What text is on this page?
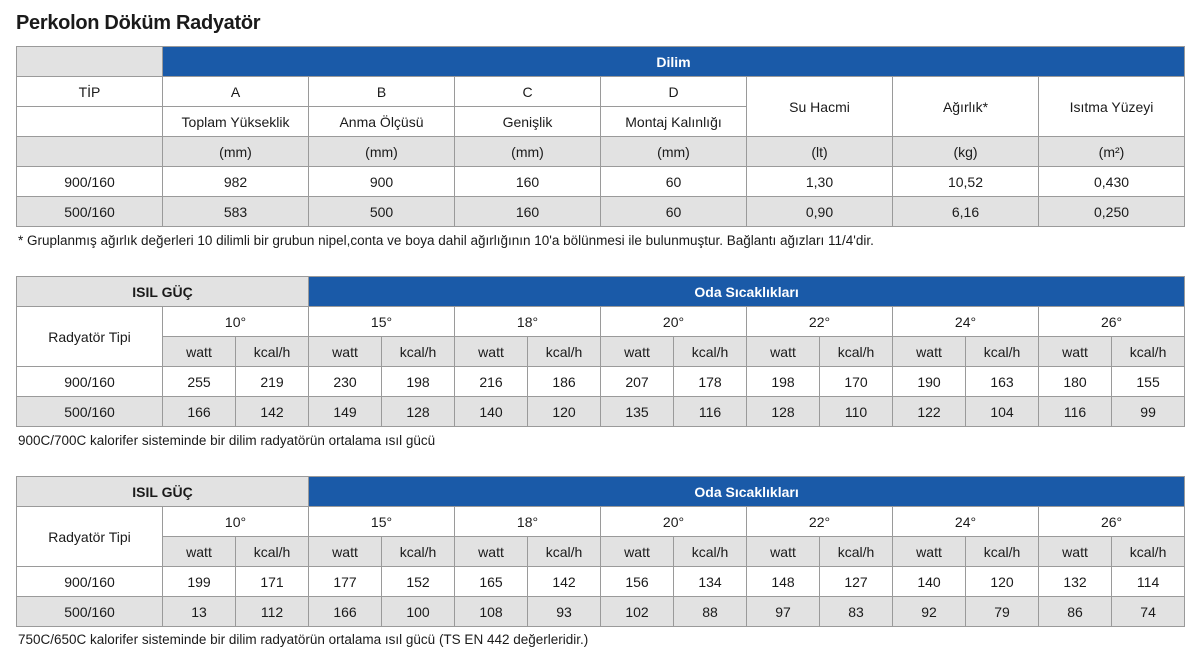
Perkolon Döküm Radyatör
	Dilim						
TİP	A	B	C	D	Su Hacmi	Ağırlık*	Isıtma Yüzeyi
	Toplam Yükseklik	Anma Ölçüsü	Genişlik	Montaj Kalınlığı			
	(mm)	(mm)	(mm)	(mm)	(lt)	(kg)	(m²)
900/160	982	900	160	60	1,30	10,52	0,430
500/160	583	500	160	60	0,90	6,16	0,250
* Gruplanmış ağırlık değerleri 10 dilimli bir grubun nipel,conta ve boya dahil ağırlığının 10'a bölünmesi ile bulunmuştur. Bağlantı ağızları 11/4'dir.
ISIL GÜÇ			Oda Sıcaklıkları											
Radyatör Tipi	10°		15°		18°		20°		22°		24°		26°	
	watt	kcal/h	watt	kcal/h	watt	kcal/h	watt	kcal/h	watt	kcal/h	watt	kcal/h	watt	kcal/h
900/160	255	219	230	198	216	186	207	178	198	170	190	163	180	155
500/160	166	142	149	128	140	120	135	116	128	110	122	104	116	99
900C/700C kalorifer sisteminde bir dilim radyatörün ortalama ısıl gücü
ISIL GÜÇ			Oda Sıcaklıkları											
Radyatör Tipi	10°		15°		18°		20°		22°		24°		26°	
	watt	kcal/h	watt	kcal/h	watt	kcal/h	watt	kcal/h	watt	kcal/h	watt	kcal/h	watt	kcal/h
900/160	199	171	177	152	165	142	156	134	148	127	140	120	132	114
500/160	13	112	166	100	108	93	102	88	97	83	92	79	86	74
750C/650C kalorifer sisteminde bir dilim radyatörün ortalama ısıl gücü (TS EN 442 değerleridir.)
